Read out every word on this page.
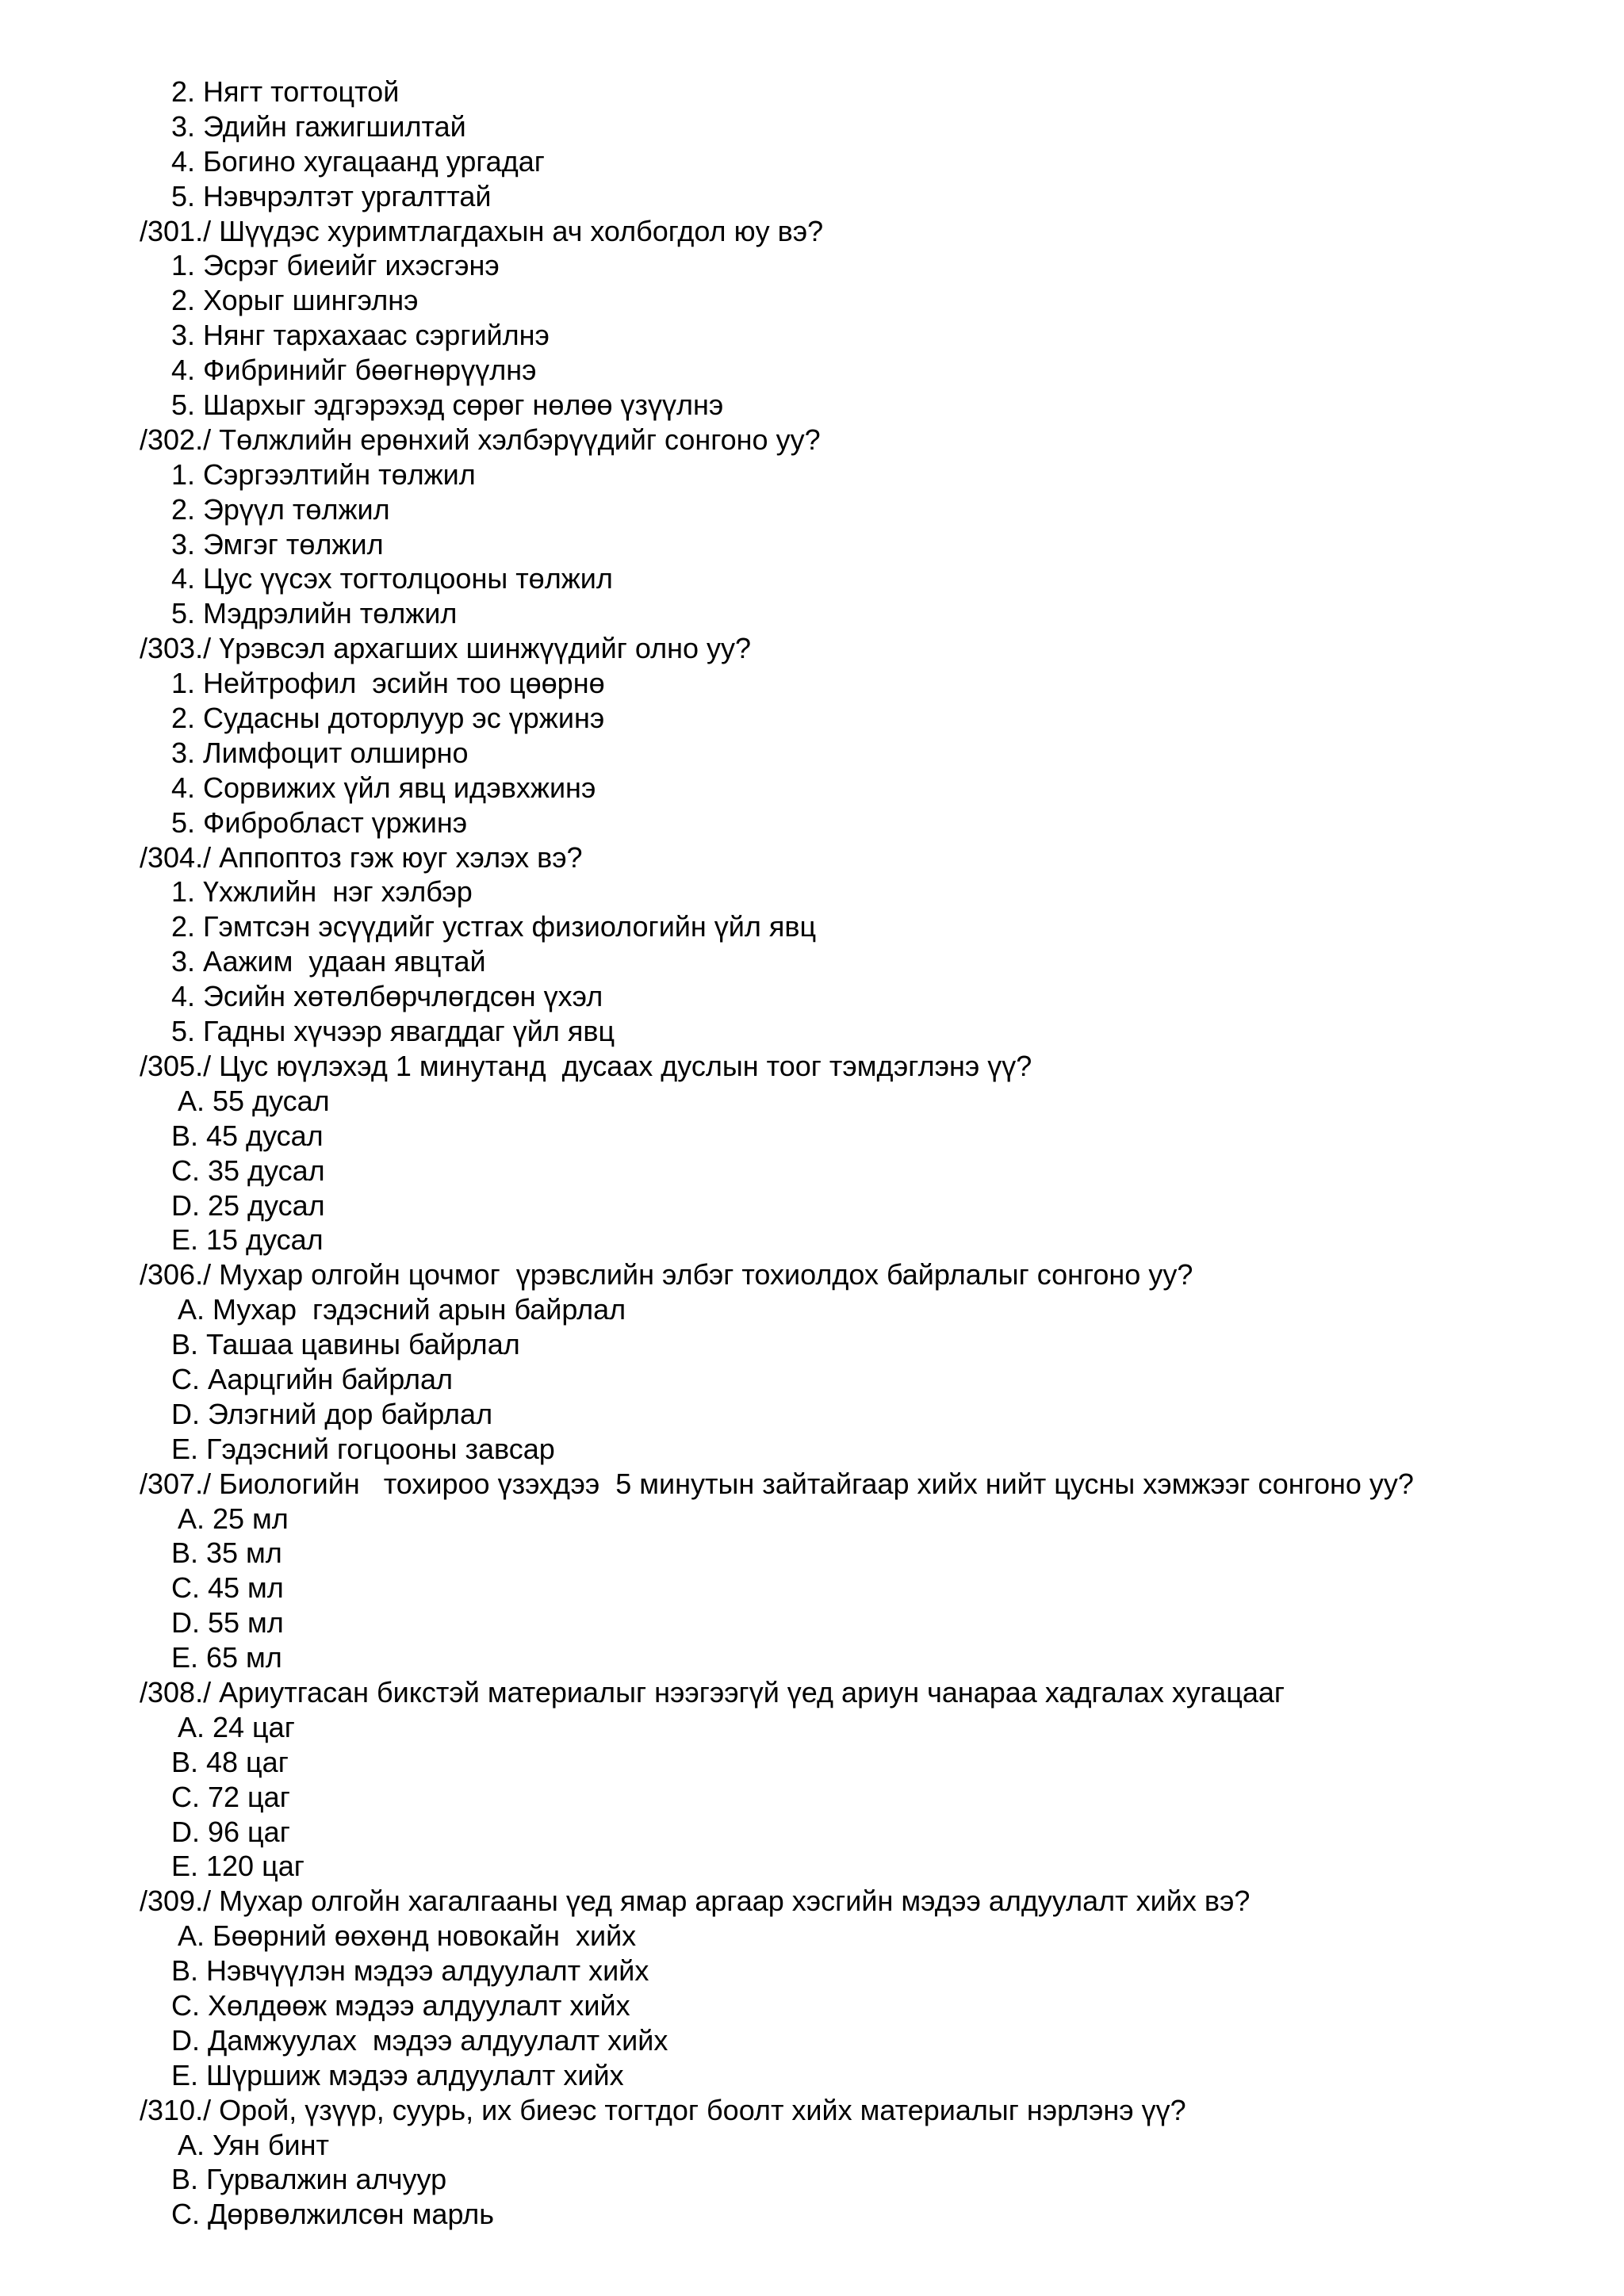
2. Нягт тогтоцтой
3. Эдийн гажигшилтай
4. Богино хугацаанд ургадаг
5. Нэвчрэлтэт ургалттай
/301./ Шүүдэс хуримтлагдахын ач холбогдол юу вэ?
1. Эсрэг биеийг ихэсгэнэ
2. Хорыг шингэлнэ
3. Нянг тархахаас сэргийлнэ
4. Фибринийг бөөгнөрүүлнэ
5. Шархыг эдгэрэхэд сөрөг нөлөө үзүүлнэ
/302./ Төлжлийн ерөнхий хэлбэрүүдийг сонгоно уу?
1. Сэргээлтийн төлжил
2. Эрүүл төлжил
3. Эмгэг төлжил
4. Цус үүсэх тогтолцооны төлжил
5. Мэдрэлийн төлжил
/303./ Үрэвсэл архагших шинжүүдийг олно уу?
1. Нейтрофил  эсийн тоо цөөрнө
2. Судасны доторлуур эс үржинэ
3. Лимфоцит олширно
4. Сорвижих үйл явц идэвхжинэ
5. Фибробласт үржинэ
/304./ Аппоптоз гэж юуг хэлэх вэ?
1. Үхжлийн  нэг хэлбэр
2. Гэмтсэн эсүүдийг устгах физиологийн үйл явц
3. Аажим  удаан явцтай
4. Эсийн хөтөлбөрчлөгдсөн үхэл
5. Гадны хүчээр явагддаг үйл явц
/305./ Цус юүлэхэд 1 минутанд  дусаах дуслын тоог тэмдэглэнэ үү?
A. 55 дусал
B. 45 дусал
C. 35 дусал
D. 25 дусал
E. 15 дусал
/306./ Мухар олгойн цочмог  үрэвслийн элбэг тохиолдох байрлалыг сонгоно уу?
A. Мухар  гэдэсний арын байрлал
B. Ташаа цавины байрлал
C. Аарцгийн байрлал
D. Элэгний дор байрлал
E. Гэдэсний гогцооны завсар
/307./ Биологийн   тохироо үзэхдээ  5 минутын зайтайгаар хийх нийт цусны хэмжээг сонгоно уу?
A. 25 мл
B. 35 мл
C. 45 мл
D. 55 мл
E. 65 мл
/308./ Ариутгасан бикстэй материалыг нээгээгүй үед ариун чанараа хадгалах хугацааг
A. 24 цаг
B. 48 цаг
C. 72 цаг
D. 96 цаг
E. 120 цаг
/309./ Мухар олгойн хагалгааны үед ямар аргаар хэсгийн мэдээ алдуулалт хийх вэ?
A. Бөөрний өөхөнд новокайн  хийх
B. Нэвчүүлэн мэдээ алдуулалт хийх
C. Хөлдөөж мэдээ алдуулалт хийх
D. Дамжуулах  мэдээ алдуулалт хийх
E. Шүршиж мэдээ алдуулалт хийх
/310./ Орой, үзүүр, суурь, их биеэс тогтдог боолт хийх материалыг нэрлэнэ үү?
A. Уян бинт
B. Гурвалжин алчуур
C. Дөрвөлжилсөн марль
